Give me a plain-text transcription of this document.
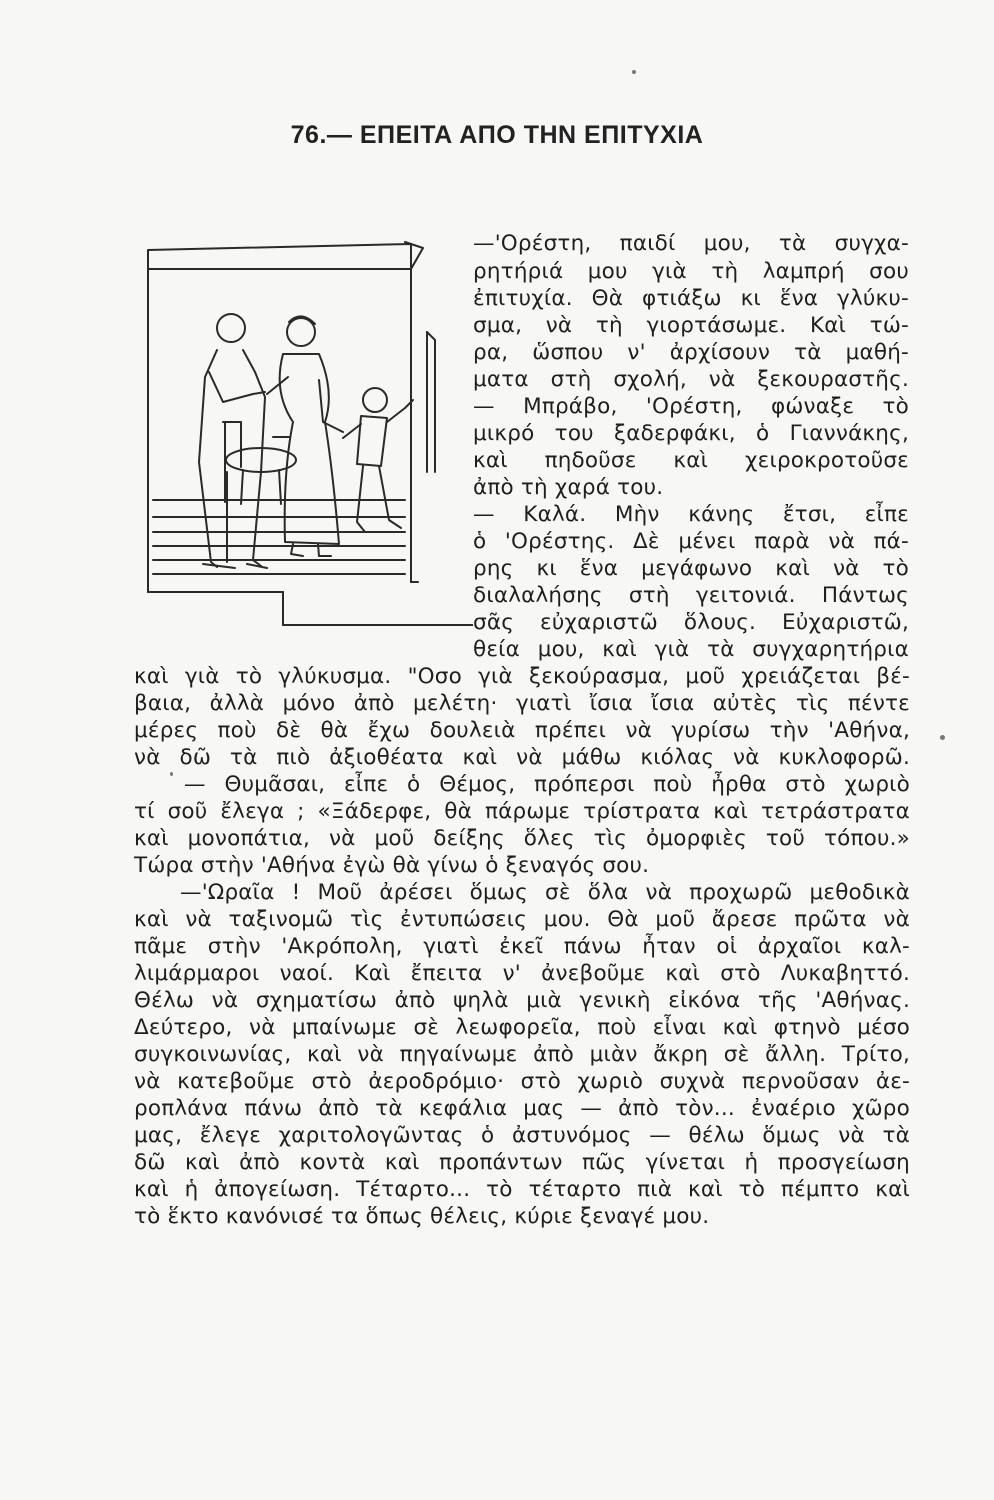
76.— ΕΠΕΙΤΑ ΑΠΟ ΤΗΝ ΕΠΙΤΥΧΙΑ

—'Ορέστη, παιδί μου, τὰ συγχα-

ρητήριά μου γιὰ τὴ λαμπρή σου

ἐπιτυχία. Θὰ φτιάξω κι ἕνα γλύκυ-

σμα, νὰ τὴ γιορτάσωμε. Καὶ τώ-

ρα, ὥσπου ν' ἀρχίσουν τὰ μαθή-

ματα στὴ σχολή, νὰ ξεκουραστῆς.

— Μπράβο, 'Ορέστη, φώναξε τὸ

μικρό του ξαδερφάκι, ὁ Γιαννάκης,

καὶ πηδοῦσε καὶ χειροκροτοῦσε

ἀπὸ τὴ χαρά του.

— Καλά. Μὴν κάνης ἔτσι, εἶπε

ὁ 'Ορέστης. Δὲ μένει παρὰ νὰ πά-

ρης κι ἕνα μεγάφωνο καὶ νὰ τὸ

διαλαλήσης στὴ γειτονιά. Πάντως

σᾶς εὐχαριστῶ ὅλους. Εὐχαριστῶ,

θεία μου, καὶ γιὰ τὰ συγχαρητήρια

καὶ γιὰ τὸ γλύκυσμα. "Οσο γιὰ ξεκούρασμα, μοῦ χρειάζεται βέ-

βαια, ἀλλὰ μόνο ἀπὸ μελέτη· γιατὶ ἴσια ἴσια αὐτὲς τὶς πέντε

μέρες ποὺ δὲ θὰ ἔχω δουλειὰ πρέπει νὰ γυρίσω τὴν 'Αθήνα,

νὰ δῶ τὰ πιὸ ἀξιοθέατα καὶ νὰ μάθω κιόλας νὰ κυκλοφορῶ.

— Θυμᾶσαι, εἶπε ὁ Θέμος, πρόπερσι ποὺ ἦρθα στὸ χωριὸ

τί σοῦ ἔλεγα ; «Ξάδερφε, θὰ πάρωμε τρίστρατα καὶ τετράστρατα

καὶ μονοπάτια, νὰ μοῦ δείξης ὅλες τὶς ὀμορφιὲς τοῦ τόπου.»

Τώρα στὴν 'Αθήνα ἐγὼ θὰ γίνω ὁ ξεναγός σου.

—'Ωραῖα ! Μοῦ ἀρέσει ὅμως σὲ ὅλα νὰ προχωρῶ μεθοδικὰ

καὶ νὰ ταξινομῶ τὶς ἐντυπώσεις μου. Θὰ μοῦ ἄρεσε πρῶτα νὰ

πᾶμε στὴν 'Ακρόπολη, γιατὶ ἐκεῖ πάνω ἦταν οἱ ἀρχαῖοι καλ-

λιμάρμαροι ναοί. Καὶ ἔπειτα ν' ἀνεβοῦμε καὶ στὸ Λυκαβηττό.

Θέλω νὰ σχηματίσω ἀπὸ ψηλὰ μιὰ γενικὴ εἰκόνα τῆς 'Αθήνας.

Δεύτερο, νὰ μπαίνωμε σὲ λεωφορεῖα, ποὺ εἶναι καὶ φτηνὸ μέσο

συγκοινωνίας, καὶ νὰ πηγαίνωμε ἀπὸ μιὰν ἄκρη σὲ ἄλλη. Τρίτο,

νὰ κατεβοῦμε στὸ ἀεροδρόμιο· στὸ χωριὸ συχνὰ περνοῦσαν ἀε-

ροπλάνα πάνω ἀπὸ τὰ κεφάλια μας — ἀπὸ τὸν... ἐναέριο χῶρο

μας, ἔλεγε χαριτολογῶντας ὁ ἀστυνόμος — θέλω ὅμως νὰ τὰ

δῶ καὶ ἀπὸ κοντὰ καὶ προπάντων πῶς γίνεται ἡ προσγείωση

καὶ ἡ ἀπογείωση. Τέταρτο... τὸ τέταρτο πιὰ καὶ τὸ πέμπτο καὶ

τὸ ἕκτο κανόνισέ τα ὅπως θέλεις, κύριε ξεναγέ μου.
